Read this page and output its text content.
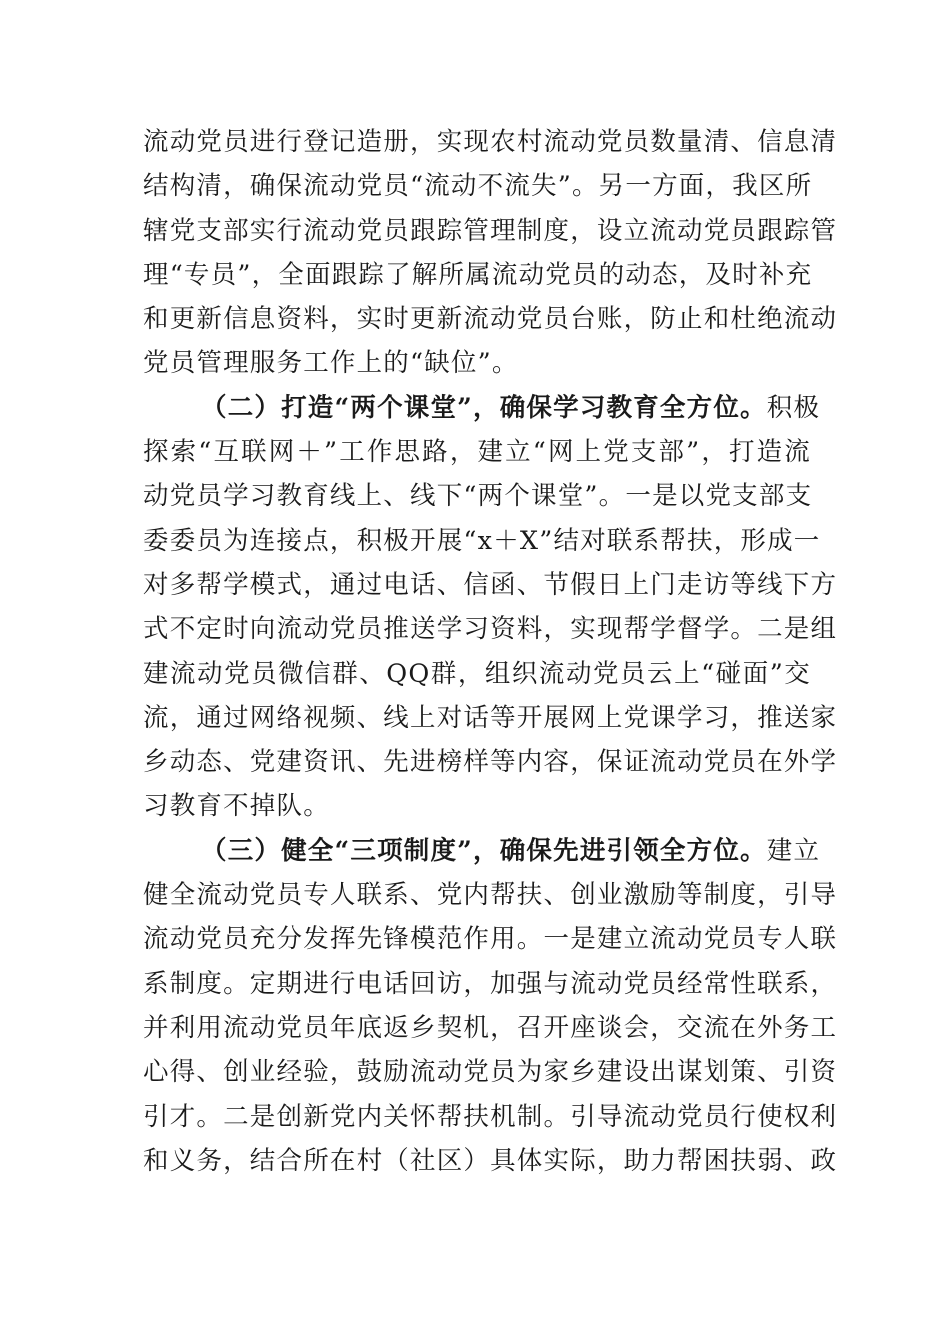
流动党员进行登记造册，实现农村流动党员数量清、信息清
结构清，确保流动党员“流动不流失”。另一方面，我区所
辖党支部实行流动党员跟踪管理制度，设立流动党员跟踪管
理“专员”，全面跟踪了解所属流动党员的动态，及时补充
和更新信息资料，实时更新流动党员台账，防止和杜绝流动
党员管理服务工作上的“缺位”。
（二）打造“两个课堂”，确保学习教育全方位。积极
探索“互联网＋”工作思路，建立“网上党支部”，打造流
动党员学习教育线上、线下“两个课堂”。一是以党支部支
委委员为连接点，积极开展“x＋X”结对联系帮扶，形成一
对多帮学模式，通过电话、信函、节假日上门走访等线下方
式不定时向流动党员推送学习资料，实现帮学督学。二是组
建流动党员微信群、QQ群，组织流动党员云上“碰面”交
流，通过网络视频、线上对话等开展网上党课学习，推送家
乡动态、党建资讯、先进榜样等内容，保证流动党员在外学
习教育不掉队。
（三）健全“三项制度”，确保先进引领全方位。建立
健全流动党员专人联系、党内帮扶、创业激励等制度，引导
流动党员充分发挥先锋模范作用。一是建立流动党员专人联
系制度。定期进行电话回访，加强与流动党员经常性联系，
并利用流动党员年底返乡契机，召开座谈会，交流在外务工
心得、创业经验，鼓励流动党员为家乡建设出谋划策、引资
引才。二是创新党内关怀帮扶机制。引导流动党员行使权利
和义务，结合所在村（社区）具体实际，助力帮困扶弱、政
